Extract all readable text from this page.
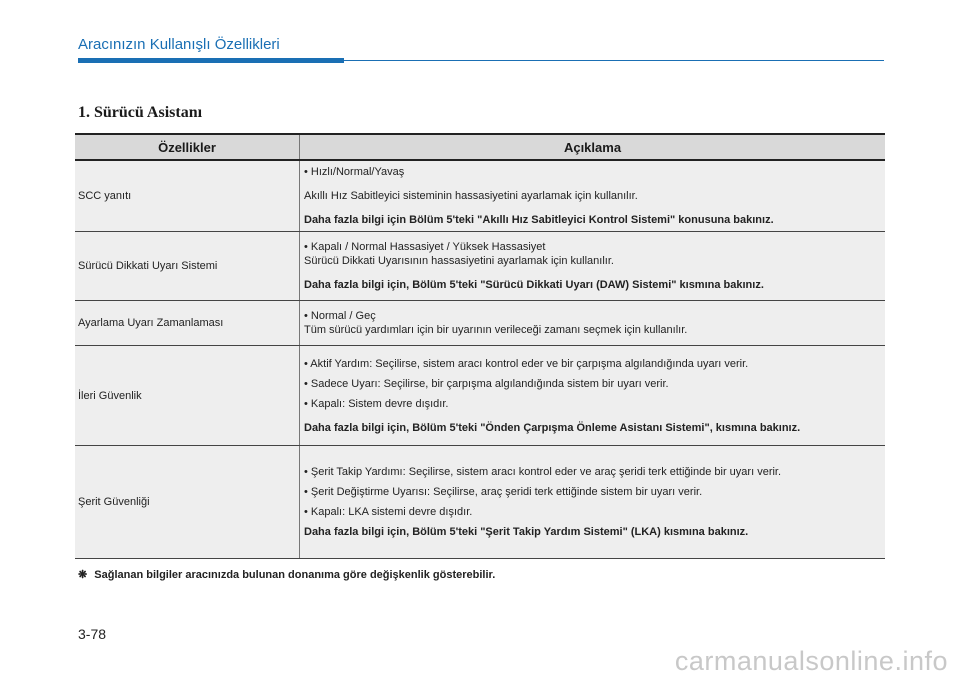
Aracınızın Kullanışlı Özellikleri
1. Sürücü Asistanı
Özellikler	Açıklama
SCC yanıtı	• Hızlı/Normal/Yavaş
Akıllı Hız Sabitleyici sisteminin hassasiyetini ayarlamak için kullanılır.
Daha fazla bilgi için Bölüm 5'teki "Akıllı Hız Sabitleyici Kontrol Sistemi" konusuna bakınız.

Sürücü Dikkati Uyarı Sistemi	• Kapalı / Normal Hassasiyet / Yüksek Hassasiyet
Sürücü Dikkati Uyarısının hassasiyetini ayarlamak için kullanılır.
Daha fazla bilgi için, Bölüm 5'teki "Sürücü Dikkati Uyarı (DAW) Sistemi" kısmına bakınız.

Ayarlama Uyarı Zamanlaması	• Normal / Geç
Tüm sürücü yardımları için bir uyarının verileceği zamanı seçmek için kullanılır.

İleri Güvenlik	• Aktif Yardım: Seçilirse, sistem aracı kontrol eder ve bir çarpışma algılandığında uyarı verir.
• Sadece Uyarı: Seçilirse, bir çarpışma algılandığında sistem bir uyarı verir.
• Kapalı: Sistem devre dışıdır.
Daha fazla bilgi için, Bölüm 5'teki "Önden Çarpışma Önleme Asistanı Sistemi", kısmına bakınız.

Şerit Güvenliği	• Şerit Takip Yardımı: Seçilirse, sistem aracı kontrol eder ve araç şeridi terk ettiğinde bir uyarı verir.
• Şerit Değiştirme Uyarısı: Seçilirse, araç şeridi terk ettiğinde sistem bir uyarı verir.
• Kapalı: LKA sistemi devre dışıdır.
Daha fazla bilgi için, Bölüm 5'teki "Şerit Takip Yardım Sistemi" (LKA) kısmına bakınız.
❋ Sağlanan bilgiler aracınızda bulunan donanıma göre değişkenlik gösterebilir.
3-78
carmanualsonline.info
